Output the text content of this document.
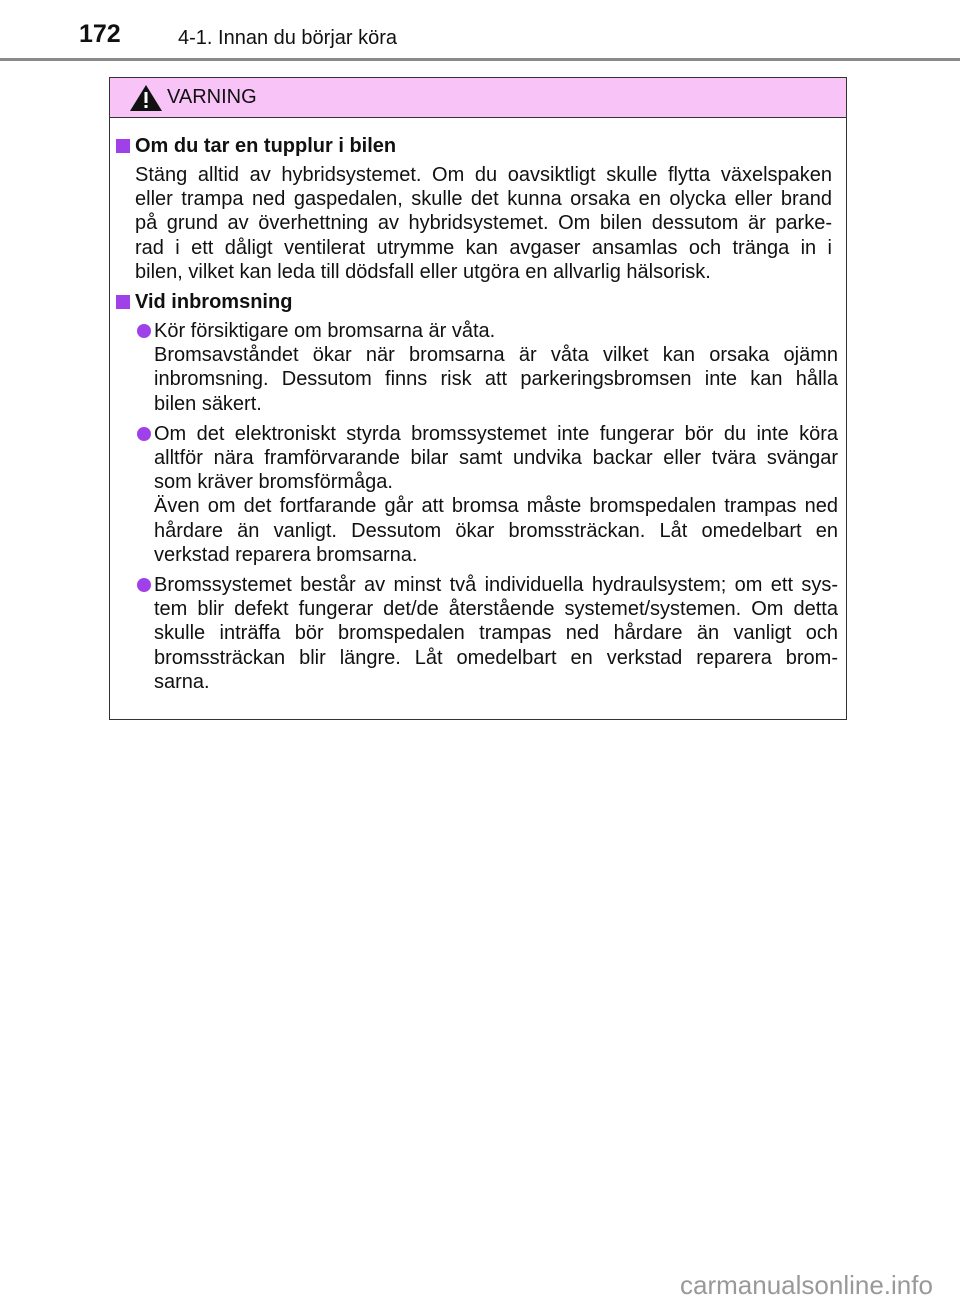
172	4-1. Innan du börjar köra
VARNING
Om du tar en tupplur i bilen
Stäng alltid av hybridsystemet. Om du oavsiktligt skulle flytta växelspaken
eller trampa ned gaspedalen, skulle det kunna orsaka en olycka eller brand
på grund av överhettning av hybridsystemet. Om bilen dessutom är parke-
rad i ett dåligt ventilerat utrymme kan avgaser ansamlas och tränga in i
bilen, vilket kan leda till dödsfall eller utgöra en allvarlig hälsorisk.
Vid inbromsning
Kör försiktigare om bromsarna är våta.
Bromsavståndet ökar när bromsarna är våta vilket kan orsaka ojämn
inbromsning. Dessutom finns risk att parkeringsbromsen inte kan hålla
bilen säkert.
Om det elektroniskt styrda bromssystemet inte fungerar bör du inte köra
alltför nära framförvarande bilar samt undvika backar eller tvära svängar
som kräver bromsförmåga.
Även om det fortfarande går att bromsa måste bromspedalen trampas ned
hårdare än vanligt. Dessutom ökar bromssträckan. Låt omedelbart en
verkstad reparera bromsarna.
Bromssystemet består av minst två individuella hydraulsystem; om ett sys-
tem blir defekt fungerar det/de återstående systemet/systemen. Om detta
skulle inträffa bör bromspedalen trampas ned hårdare än vanligt och
bromssträckan blir längre. Låt omedelbart en verkstad reparera brom-
sarna.
carmanualsonline.info
